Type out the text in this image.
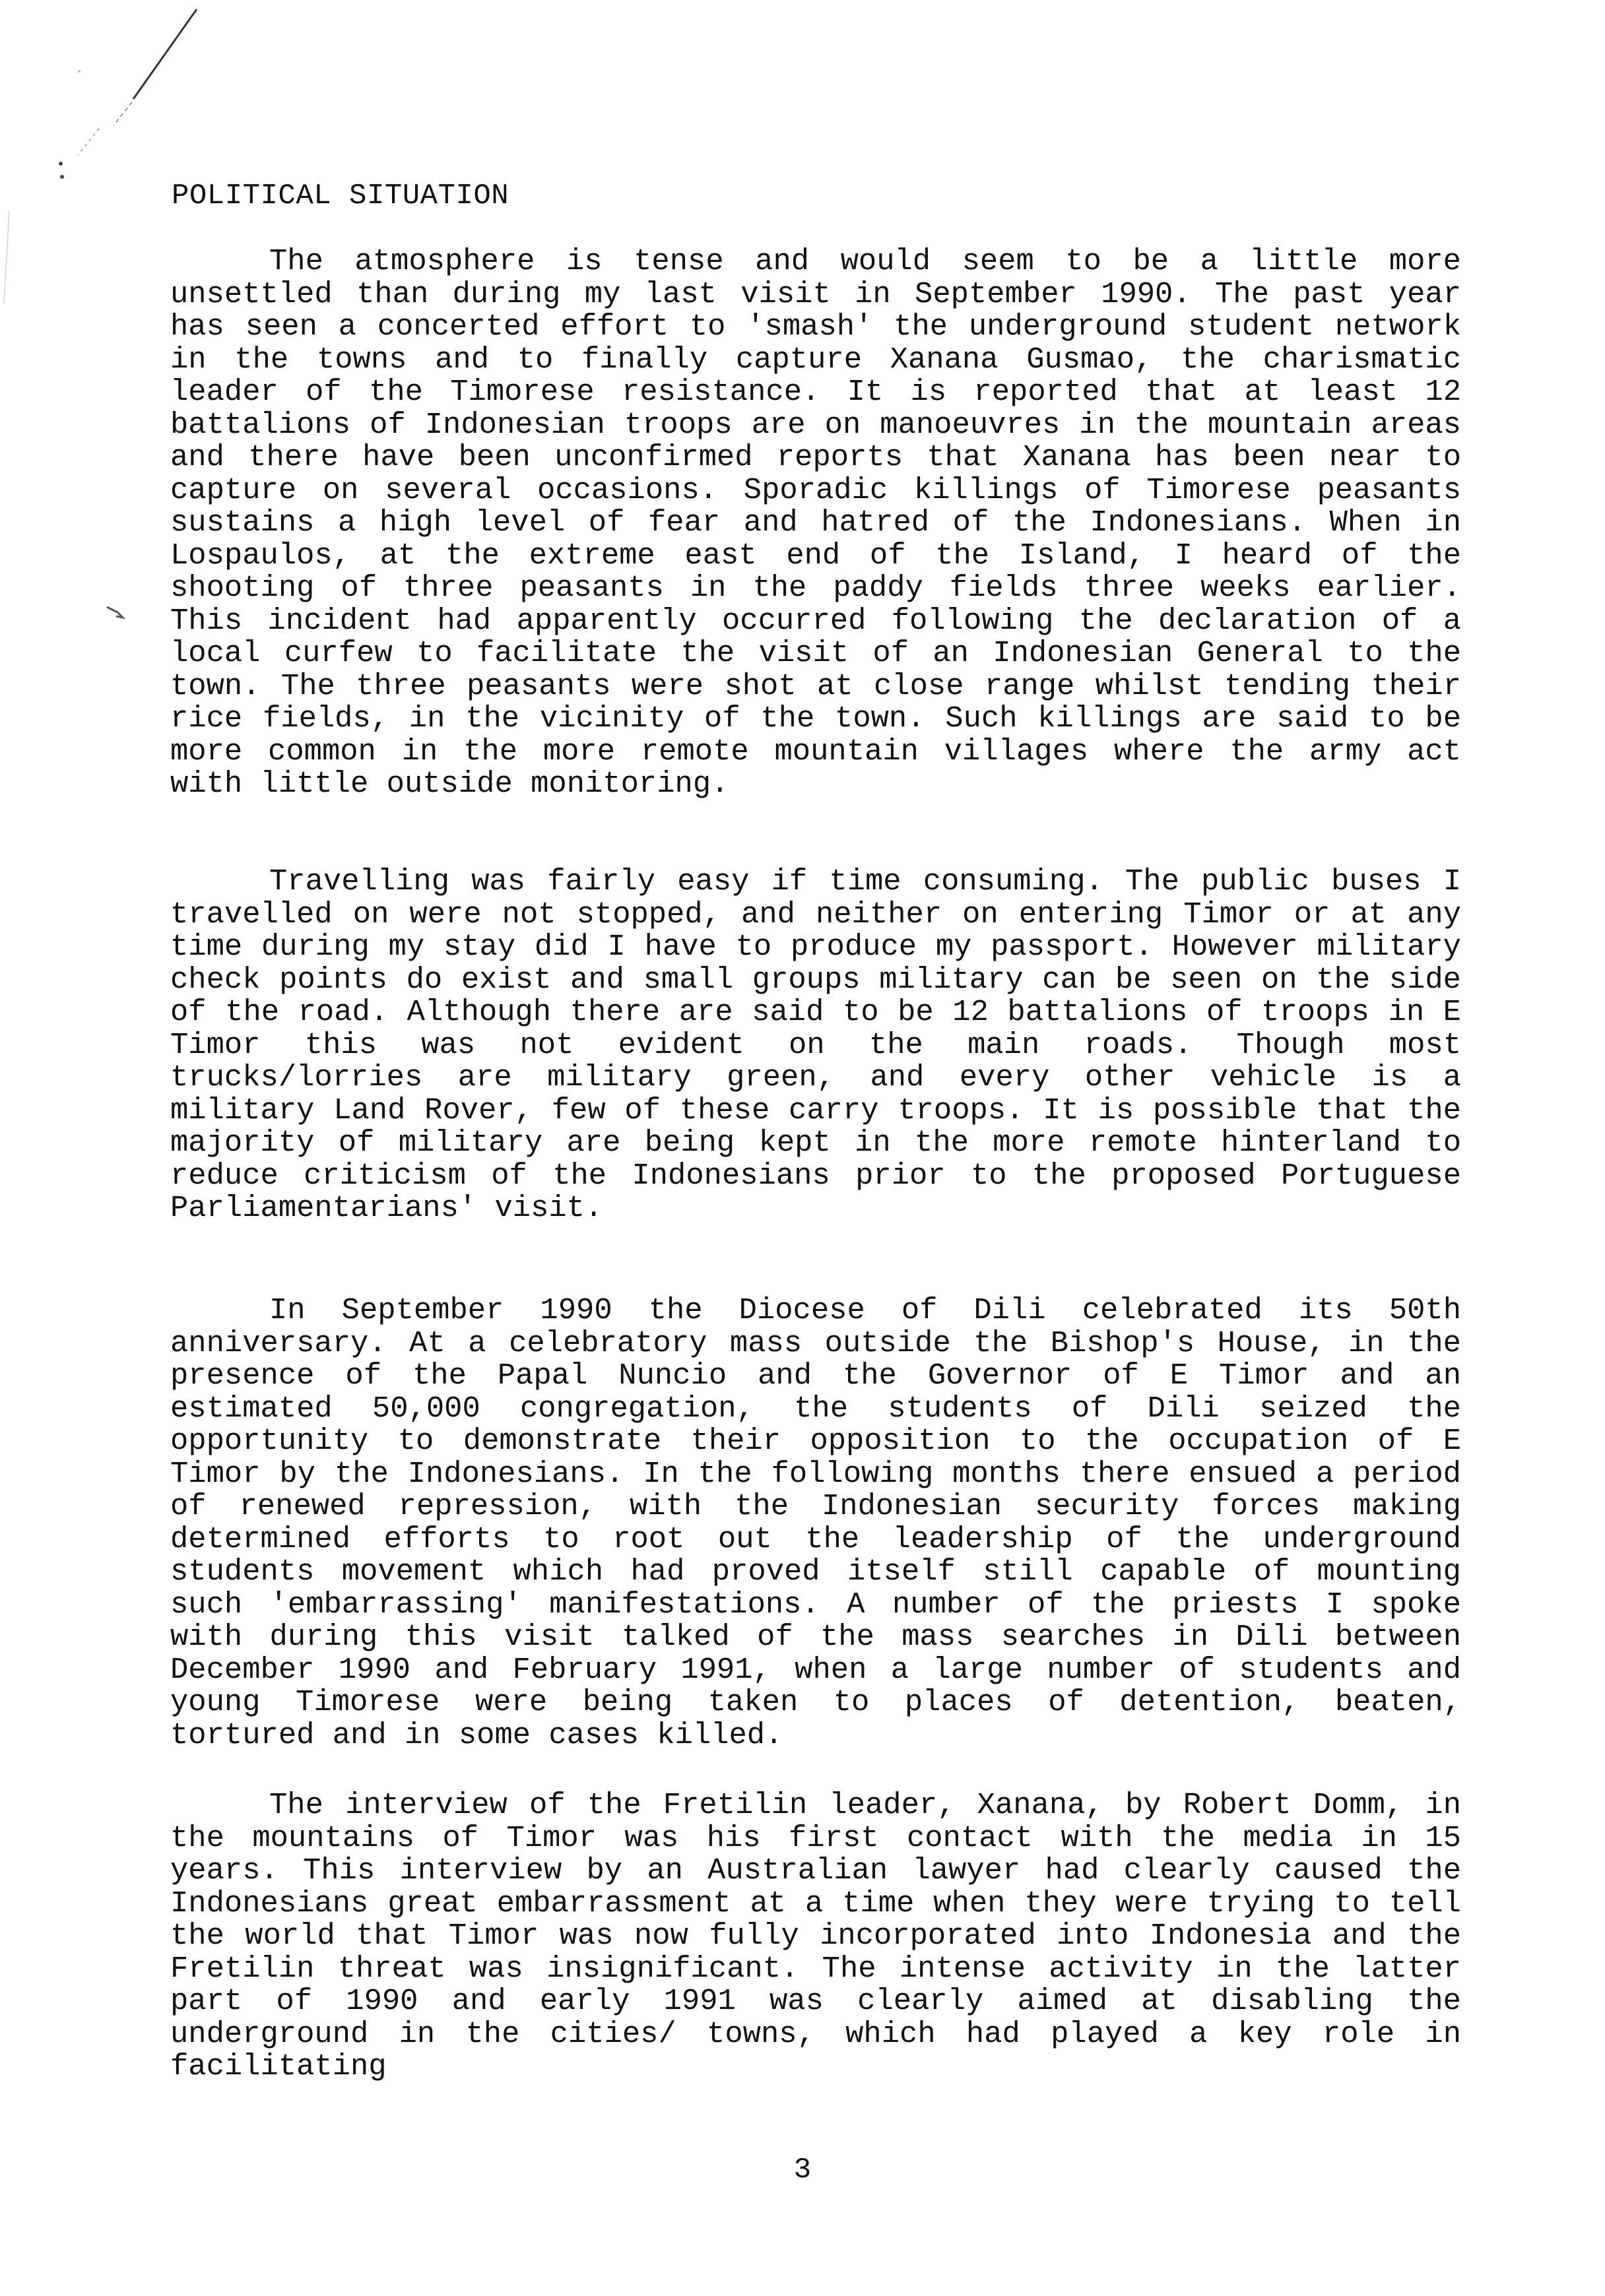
POLITICAL SITUATION

The atmosphere is tense and would seem to be a little more unsettled than during my last visit in September 1990. The past year has seen a concerted effort to 'smash' the underground student network in the towns and to finally capture Xanana Gusmao, the charismatic leader of the Timorese resistance. It is reported that at least 12 battalions of Indonesian troops are on manoeuvres in the mountain areas and there have been unconfirmed reports that Xanana has been near to capture on several occasions. Sporadic killings of Timorese peasants sustains a high level of fear and hatred of the Indonesians. When in Lospaulos, at the extreme east end of the Island, I heard of the shooting of three peasants in the paddy fields three weeks earlier. This incident had apparently occurred following the declaration of a local curfew to facilitate the visit of an Indonesian General to the town. The three peasants were shot at close range whilst tending their rice fields, in the vicinity of the town. Such killings are said to be more common in the more remote mountain villages where the army act with little outside monitoring.

Travelling was fairly easy if time consuming. The public buses I travelled on were not stopped, and neither on entering Timor or at any time during my stay did I have to produce my passport. However military check points do exist and small groups military can be seen on the side of the road. Although there are said to be 12 battalions of troops in E Timor this was not evident on the main roads. Though most trucks/lorries are military green, and every other vehicle is a military Land Rover, few of these carry troops. It is possible that the majority of military are being kept in the more remote hinterland to reduce criticism of the Indonesians prior to the proposed Portuguese Parliamentarians' visit.

In September 1990 the Diocese of Dili celebrated its 50th anniversary. At a celebratory mass outside the Bishop's House, in the presence of the Papal Nuncio and the Governor of E Timor and an estimated 50,000 congregation, the students of Dili seized the opportunity to demonstrate their opposition to the occupation of E Timor by the Indonesians. In the following months there ensued a period of renewed repression, with the Indonesian security forces making determined efforts to root out the leadership of the underground students movement which had proved itself still capable of mounting such 'embarrassing' manifestations. A number of the priests I spoke with during this visit talked of the mass searches in Dili between December 1990 and February 1991, when a large number of students and young Timorese were being taken to places of detention, beaten, tortured and in some cases killed.

The interview of the Fretilin leader, Xanana, by Robert Domm, in the mountains of Timor was his first contact with the media in 15 years. This interview by an Australian lawyer had clearly caused the Indonesians great embarrassment at a time when they were trying to tell the world that Timor was now fully incorporated into Indonesia and the Fretilin threat was insignificant. The intense activity in the latter part of 1990 and early 1991 was clearly aimed at disabling the underground in the cities/ towns, which had played a key role in facilitating

3
